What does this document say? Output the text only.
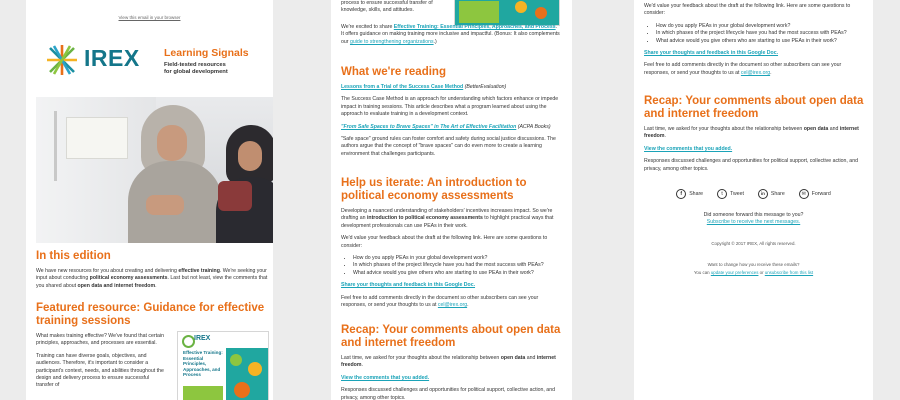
View this email in your browser
IREX Learning Signals
Field-tested resources
for global development
In this edition

We have new resources for you about creating and delivering effective training. We're seeking your input about conducting political economy assessments. Last but not least, view the comments that you shared about open data and internet freedom.

Featured resource: Guidance for effective training sessions

What makes training effective? We've found that certain principles, approaches, and processes are essential.

Training can have diverse goals, objectives, and audiences. Therefore, it's important to consider a participant's context, needs, and abilities throughout the design and delivery process to ensure successful transfer of

IREX
Effective Training: Essential Principles, Approaches, and Process

process to ensure successful transfer of knowledge, skills, and attitudes.

We're excited to share Effective Training: Essential Principles, Approaches, and Process. It offers guidance on making training more inclusive and impactful. (Bonus: It also complements our guide to strengthening organizations.)

What we're reading

Lessons from a Trial of the Success Case Method (BetterEvaluation)

The Success Case Method is an approach for understanding which factors enhance or impede impact in training sessions. This article describes what a program learned about using the approach to evaluate training in a development context.

"From Safe Spaces to Brave Spaces" in The Art of Effective Facilitation (ACPA Books)

"Safe space" ground rules can foster comfort and safety during social justice discussions. The authors argue that the concept of "brave spaces" can do even more to create a learning environment that challenges participants.

Help us iterate: An introduction to political economy assessments

Developing a nuanced understanding of stakeholders' incentives increases impact. So we're drafting an introduction to political economy assessments to highlight practical ways that development professionals can use PEAs in their work.

We'd value your feedback about the draft at the following link. Here are some questions to consider:

• How do you apply PEAs in your global development work?
• In which phases of the project lifecycle have you had the most success with PEAs?
• What advice would you give others who are starting to use PEAs in their work?

Share your thoughts and feedback in this Google Doc.

Feel free to add comments directly in the document so other subscribers can see your responses, or send your thoughts to us at cel@irex.org.

Recap: Your comments about open data and internet freedom

Last time, we asked for your thoughts about the relationship between open data and internet freedom.

View the comments that you added.

Responses discussed challenges and opportunities for political support, collective action, and privacy, among other topics.

We'd value your feedback about the draft at the following link. Here are some questions to consider:

• How do you apply PEAs in your global development work?
• In which phases of the project lifecycle have you had the most success with PEAs?
• What advice would you give others who are starting to use PEAs in their work?

Share your thoughts and feedback in this Google Doc.

Feel free to add comments directly in the document so other subscribers can see your responses, or send your thoughts to us at cel@irex.org.

Recap: Your comments about open data and internet freedom

Last time, we asked for your thoughts about the relationship between open data and internet freedom.

View the comments that you added.

Responses discussed challenges and opportunities for political support, collective action, and privacy, among other topics.

f	Share	t	Tweet	in	Share	✉	Forward
Did someone forward this message to you?
Subscribe to receive the next messages.
Copyright © 2017 IREX, All rights reserved.
Want to change how you receive these emails?
You can update your preferences or unsubscribe from this list
